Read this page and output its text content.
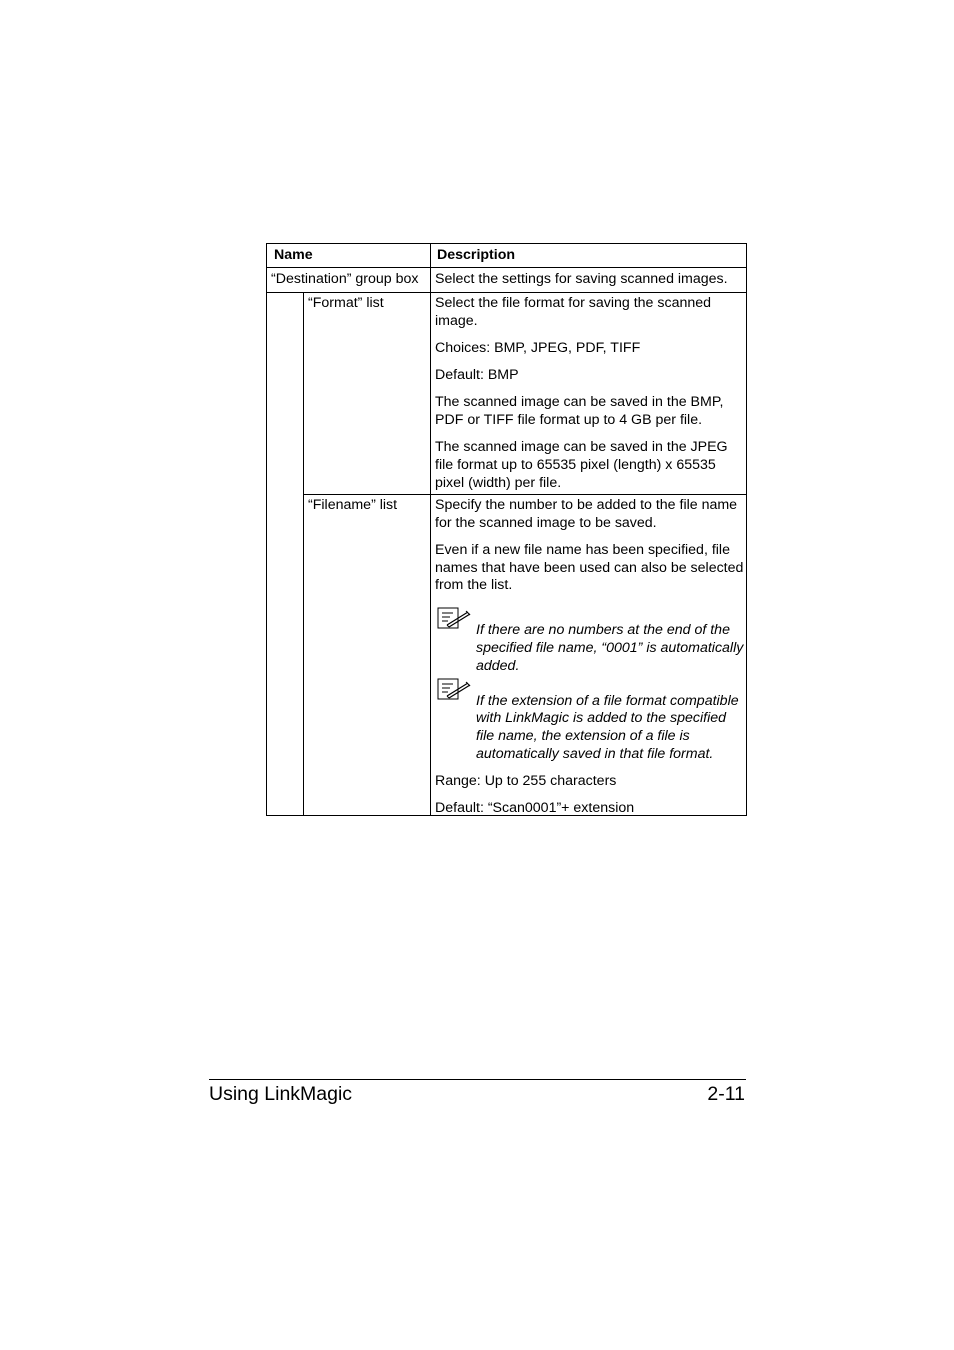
Name	Description
“Destination” group box Select the settings for saving scanned images.
“Format” list	Select the file format for saving the scanned image.

Choices: BMP, JPEG, PDF, TIFF

Default: BMP

The scanned image can be saved in the BMP, PDF or TIFF file format up to 4 GB per file.

The scanned image can be saved in the JPEG file format up to 65535 pixel (length) x 65535 pixel (width) per file.

“Filename” list	Specify the number to be added to the file name for the scanned image to be saved.

Even if a new file name has been specified, file names that have been used can also be selected from the list.

If there are no numbers at the end of the specified file name, “0001” is automatically added.
If the extension of a file format compatible with LinkMagic is added to the specified file name, the extension of a file is automatically saved in that file format.

Range: Up to 255 characters

Default: “Scan0001”+ extension

Using LinkMagic	2-11
